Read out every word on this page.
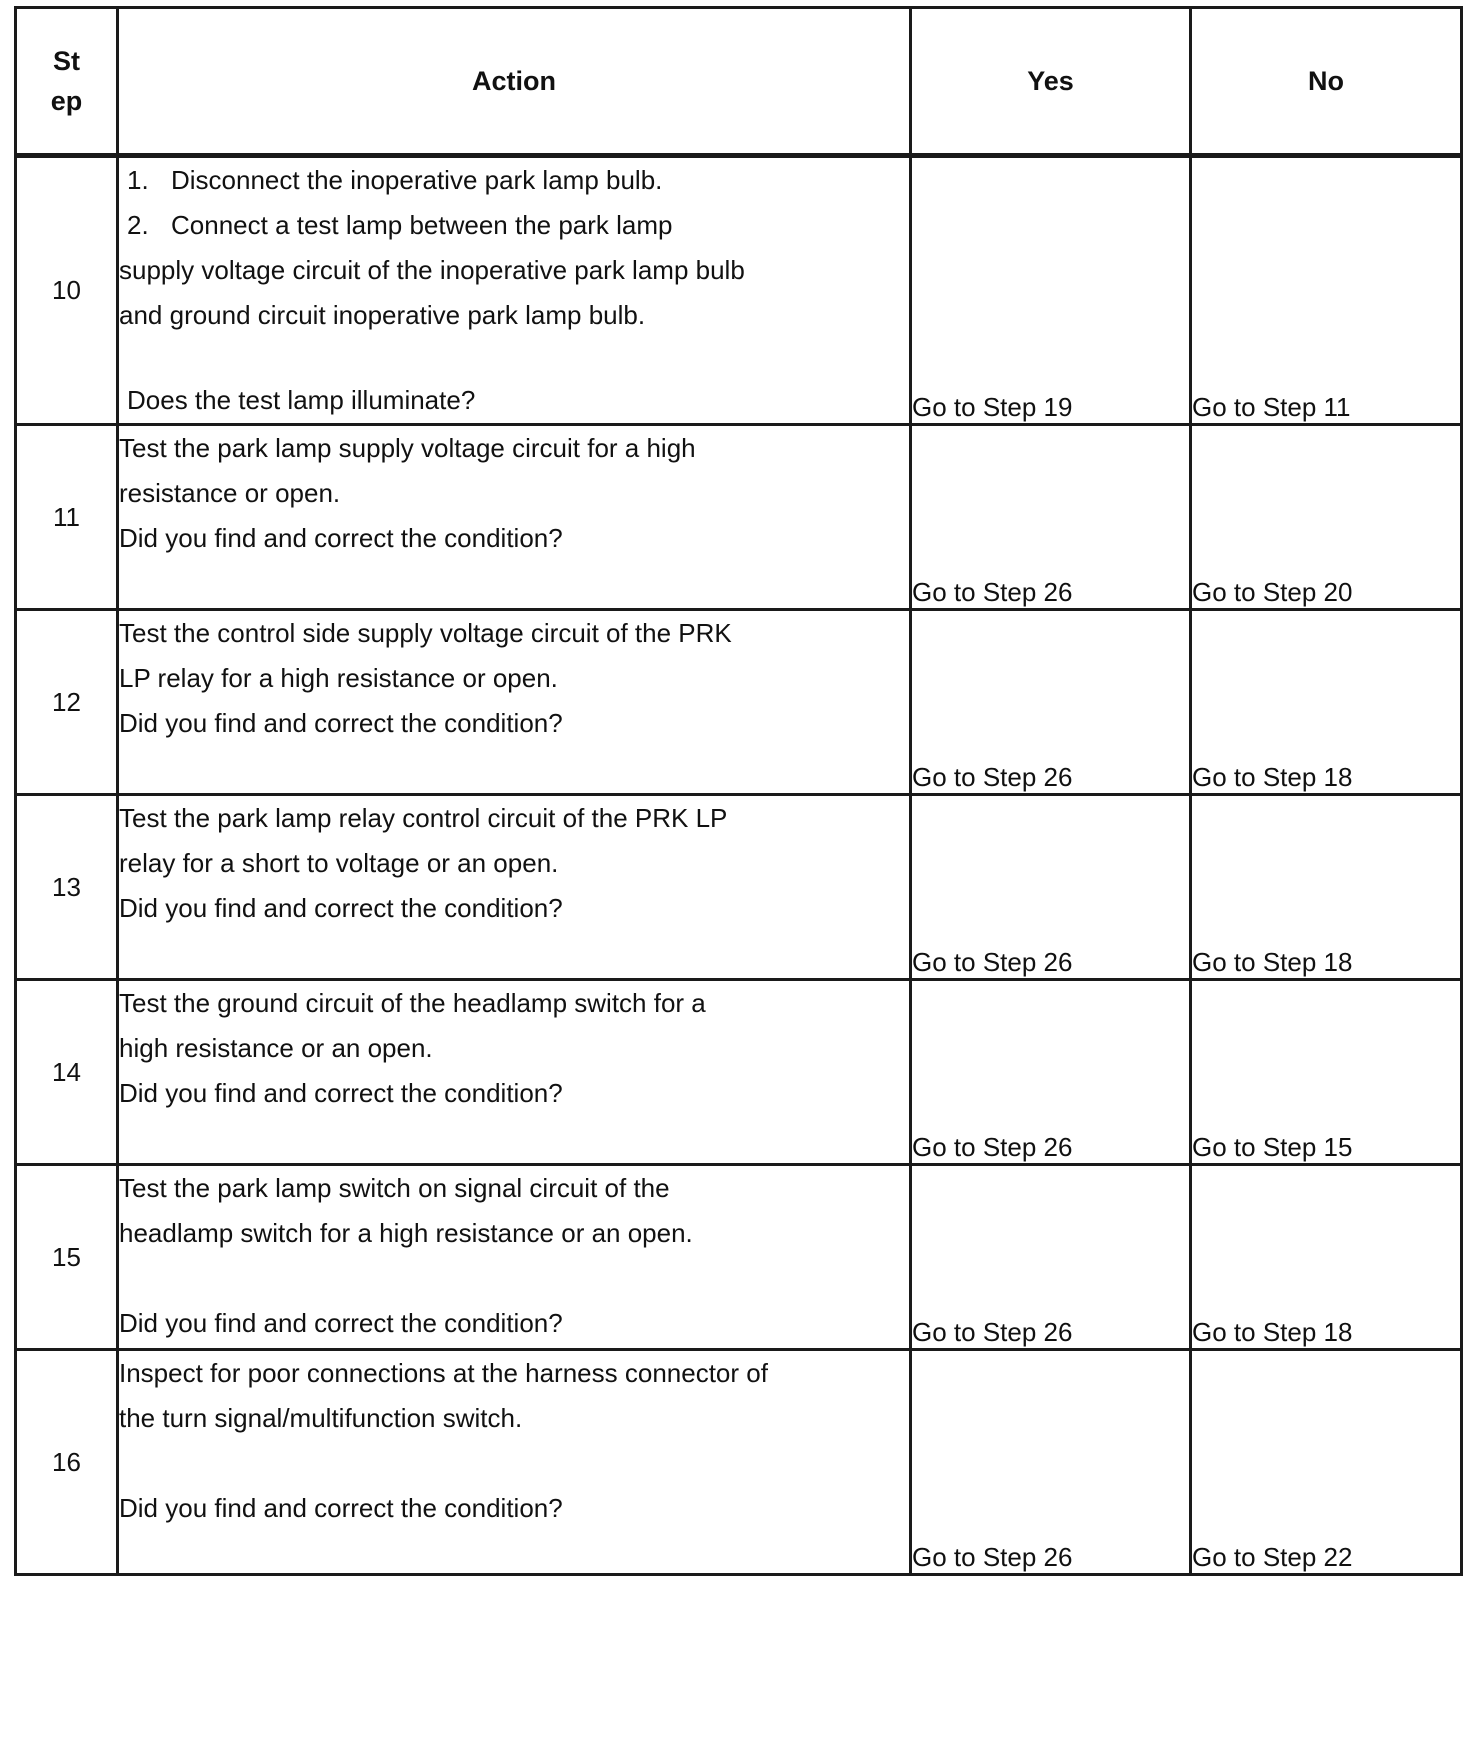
Step	Action	Yes	No
10	1. Disconnect the inoperative park lamp bulb.
2. Connect a test lamp between the park lamp
supply voltage circuit of the inoperative park lamp bulb
and ground circuit inoperative park lamp bulb.
Does the test lamp illuminate?	Go to Step 19	Go to Step 11
11	Test the park lamp supply voltage circuit for a high
resistance or open.
Did you find and correct the condition?	Go to Step 26	Go to Step 20
12	Test the control side supply voltage circuit of the PRK
LP relay for a high resistance or open.
Did you find and correct the condition?	Go to Step 26	Go to Step 18
13	Test the park lamp relay control circuit of the PRK LP
relay for a short to voltage or an open.
Did you find and correct the condition?	Go to Step 26	Go to Step 18
14	Test the ground circuit of the headlamp switch for a
high resistance or an open.
Did you find and correct the condition?	Go to Step 26	Go to Step 15
15	Test the park lamp switch on signal circuit of the
headlamp switch for a high resistance or an open.
Did you find and correct the condition?	Go to Step 26	Go to Step 18
16	Inspect for poor connections at the harness connector of
the turn signal/multifunction switch.
Did you find and correct the condition?	Go to Step 26	Go to Step 22
